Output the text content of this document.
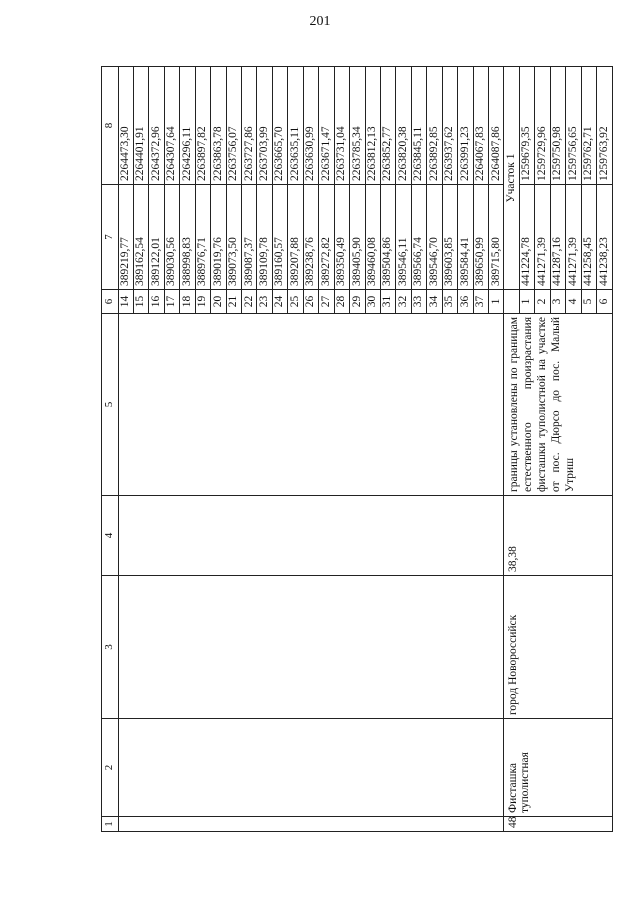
201
1	2	3	4	5	6	7	8
					14	389219,77	2264473,30
					15	389162,54	2264401,91
					16	389122,01	2264372,96
					17	389030,56	2264307,64
					18	388998,83	2264296,11
					19	388976,71	2263897,82
					20	389019,76	2263863,78
					21	389073,50	2263756,07
					22	389087,37	2263727,86
					23	389109,78	2263703,99
					24	389160,57	2263665,70
					25	389207,88	2263635,11
					26	389238,76	2263630,99
					27	389272,82	2263671,47
					28	389350,49	2263731,04
					29	389405,90	2263785,34
					30	389460,08	2263812,13
					31	389504,86	2263852,77
					32	389546,11	2263820,38
					33	389566,74	2263845,11
					34	389546,70	2263892,85
					35	389603,85	2263937,62
					36	389584,41	2263991,23
					37	389650,99	2264067,83
					1	389715,80	2264087,86
48	Фисташка туполистная	город Новороссийск	38,38	границы установлены по границам естественного произрастания фисташки туполистной на участке от пос. Дюрсо до пос. Малый Утриш		Участок 1	
					1	441224,78	1259679,35
					2	441271,39	1259729,96
					3	441287,16	1259750,98
					4	441271,39	1259756,65
					5	441258,45	1259762,71
					6	441238,23	1259763,92
